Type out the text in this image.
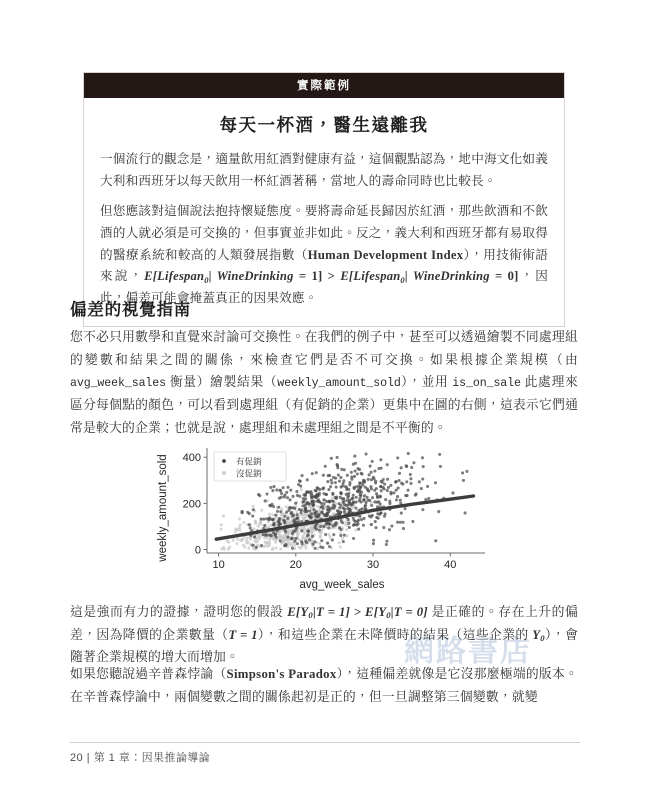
網路書店
實際範例
每天一杯酒，醫生遠離我

一個流行的觀念是，適量飲用紅酒對健康有益，這個觀點認為，地中海文化如義大利和西班牙以每天飲用一杯紅酒著稱，當地人的壽命同時也比較長。

但您應該對這個說法抱持懷疑態度。要將壽命延長歸因於紅酒，那些飲酒和不飲酒的人就必須是可交換的，但事實並非如此。反之，義大利和西班牙都有易取得的醫療系統和較高的人類發展指數（Human Development Index），用技術術語來說，E[Lifespan$_0$| WineDrinking = 1] > E[Lifespan$_0$| WineDrinking = 0]，因此，偏差可能會掩蓋真正的因果效應。

偏差的視覺指南

您不必只用數學和直覺來討論可交換性。在我們的例子中，甚至可以透過繪製不同處理組的變數和結果之間的關係，來檢查它們是否不可交換。如果根據企業規模（由 avg_week_sales 衡量）繪製結果（weekly_amount_sold），並用 is_on_sale 此處理來區分每個點的顏色，可以看到處理組（有促銷的企業）更集中在圖的右側，這表示它們通常是較大的企業；也就是說，處理組和未處理組之間是不平衡的。

weekly_amount_sold
avg_week_sales
0
200
400
10	20	30	40
有促銷
沒促銷

這是強而有力的證據，證明您的假設 $E[Y_0|T = 1] > E[Y_0|T = 0]$ 是正確的。存在上升的偏差，因為降價的企業數量（T = 1），和這些企業在未降價時的結果（這些企業的 $Y_0$），會隨著企業規模的增大而增加。

如果您聽說過辛普森悖論（Simpson's Paradox），這種偏差就像是它沒那麼極端的版本。在辛普森悖論中，兩個變數之間的關係起初是正的，但一旦調整第三個變數，就變

20 | 第 1 章：因果推論導論
